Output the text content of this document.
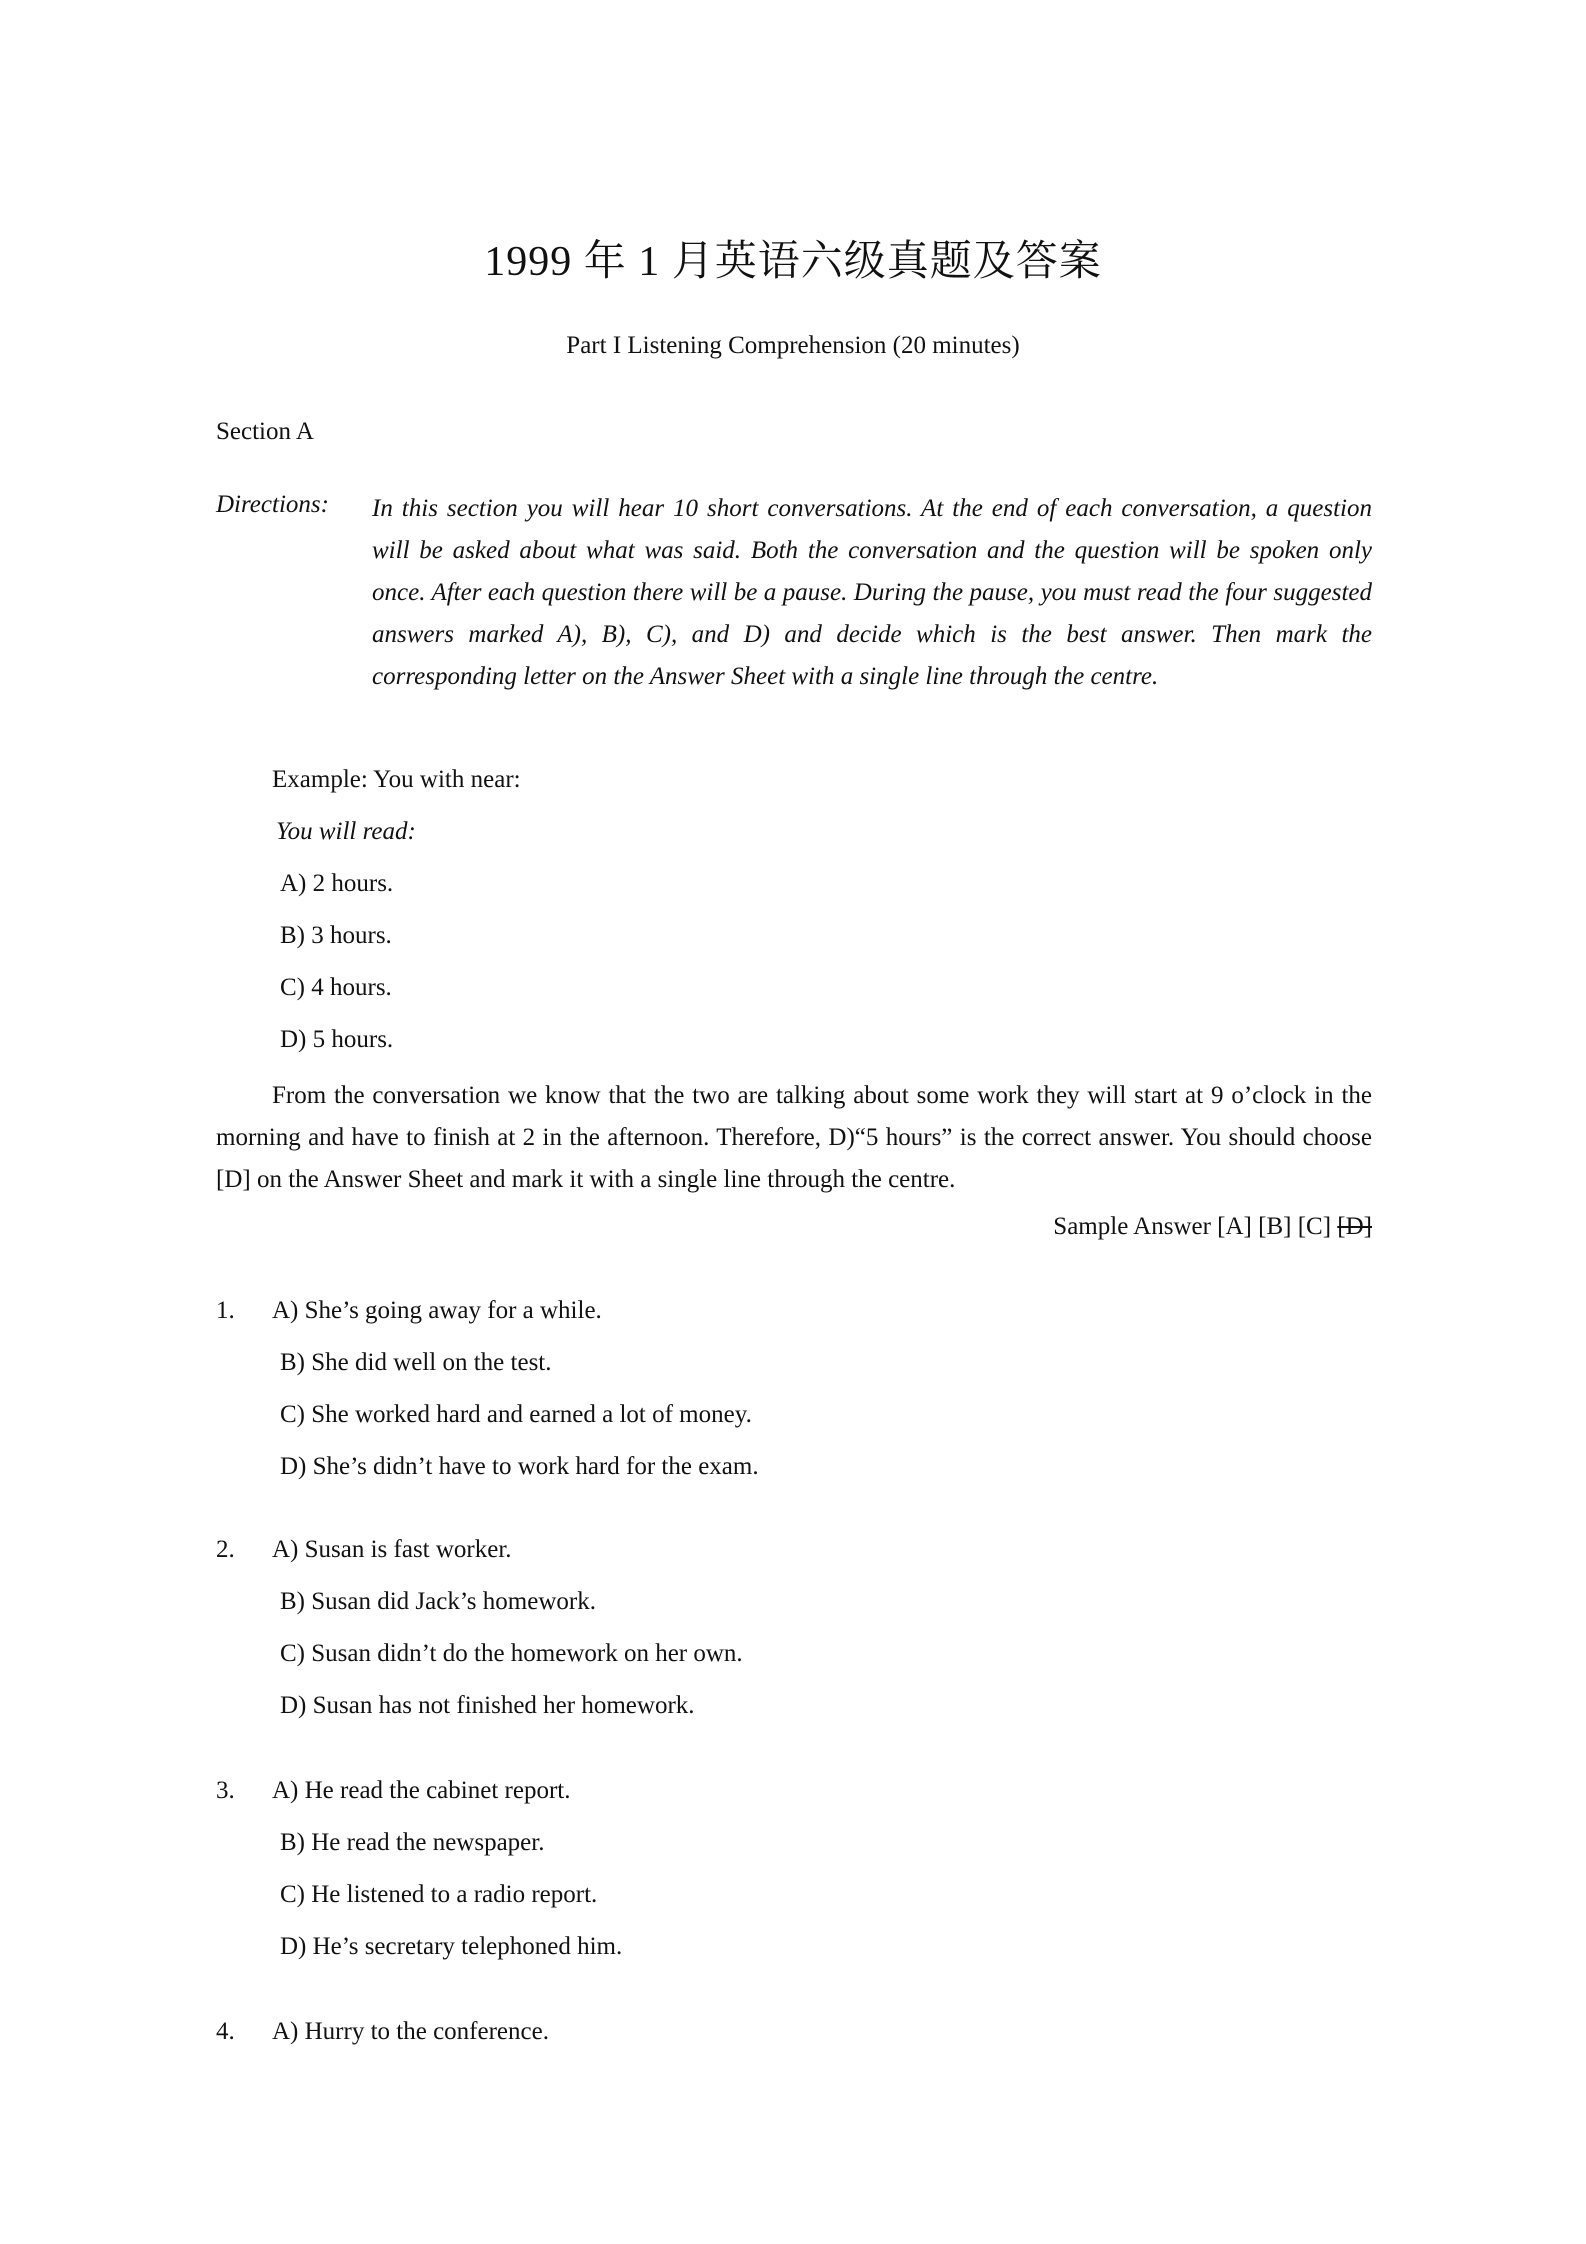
1999 年 1 月英语六级真题及答案
Part I Listening Comprehension (20 minutes)
Section A
Directions: In this section you will hear 10 short conversations. At the end of each conversation, a question will be asked about what was said. Both the conversation and the question will be spoken only once. After each question there will be a pause. During the pause, you must read the four suggested answers marked A), B), C), and D) and decide which is the best answer. Then mark the corresponding letter on the Answer Sheet with a single line through the centre.
Example: You with near:
You will read:
A) 2 hours.
B) 3 hours.
C) 4 hours.
D) 5 hours.
From the conversation we know that the two are talking about some work they will start at 9 o’clock in the morning and have to finish at 2 in the afternoon. Therefore, D)“5 hours” is the correct answer. You should choose [D] on the Answer Sheet and mark it with a single line through the centre.
Sample Answer [A] [B] [C] [D]
1. A) She’s going away for a while.
B) She did well on the test.
C) She worked hard and earned a lot of money.
D) She’s didn’t have to work hard for the exam.
2. A) Susan is fast worker.
B) Susan did Jack’s homework.
C) Susan didn’t do the homework on her own.
D) Susan has not finished her homework.
3. A) He read the cabinet report.
B) He read the newspaper.
C) He listened to a radio report.
D) He’s secretary telephoned him.
4. A) Hurry to the conference.
